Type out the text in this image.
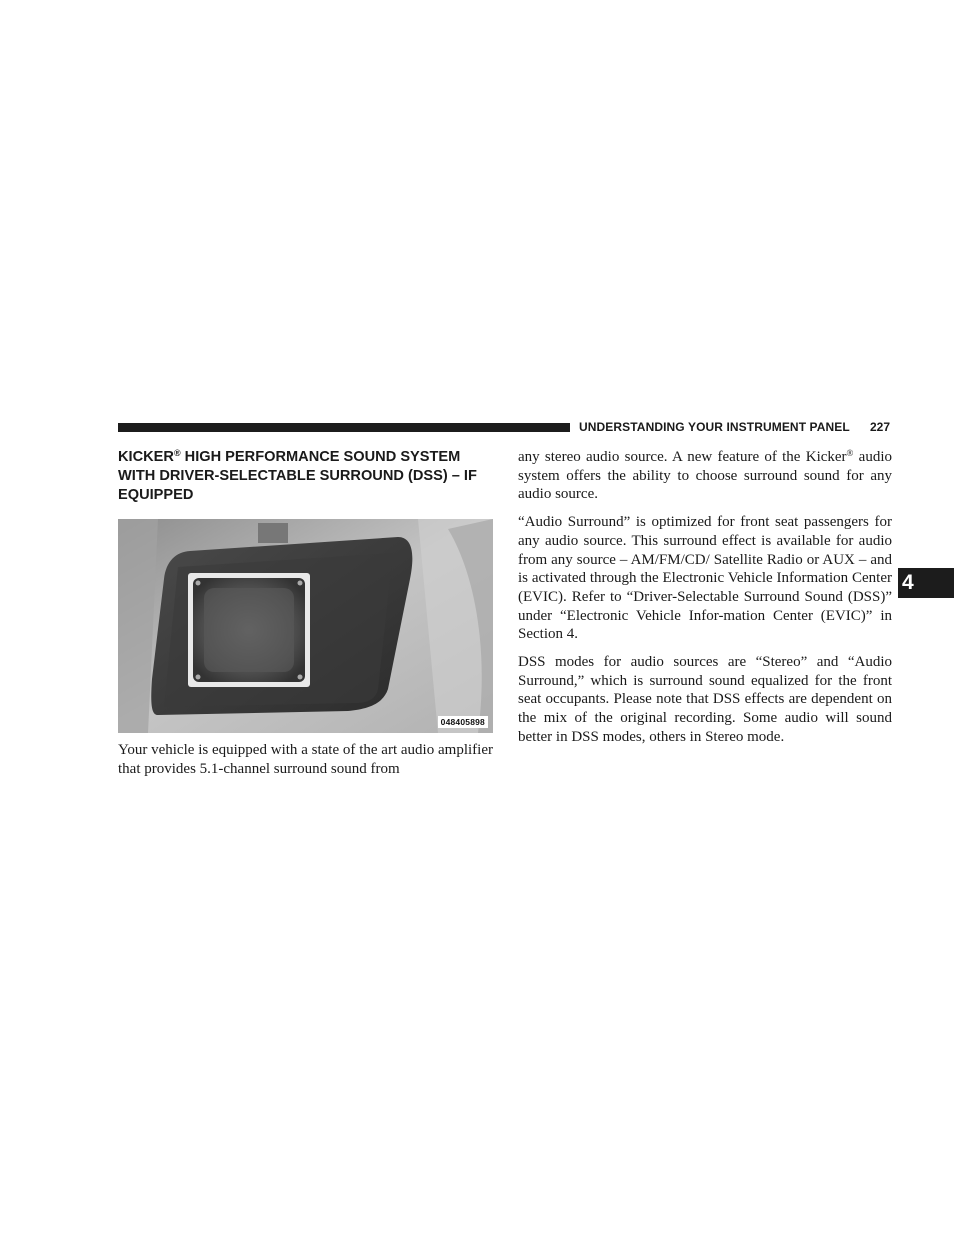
UNDERSTANDING YOUR INSTRUMENT PANEL 227
4
KICKER® HIGH PERFORMANCE SOUND SYSTEM WITH DRIVER-SELECTABLE SURROUND (DSS) – IF EQUIPPED
048405898

Your vehicle is equipped with a state of the art audio amplifier that provides 5.1-channel surround sound from

any stereo audio source. A new feature of the Kicker® audio system offers the ability to choose surround sound for any audio source.

“Audio Surround” is optimized for front seat passengers for any audio source. This surround effect is available for audio from any source – AM/FM/CD/ Satellite Radio or AUX – and is activated through the Electronic Vehicle Information Center (EVIC). Refer to “Driver-Selectable Surround Sound (DSS)” under “Electronic Vehicle Infor-mation Center (EVIC)” in Section 4.

DSS modes for audio sources are “Stereo” and “Audio Surround,” which is surround sound equalized for the front seat occupants. Please note that DSS effects are dependent on the mix of the original recording. Some audio will sound better in DSS modes, others in Stereo mode.
